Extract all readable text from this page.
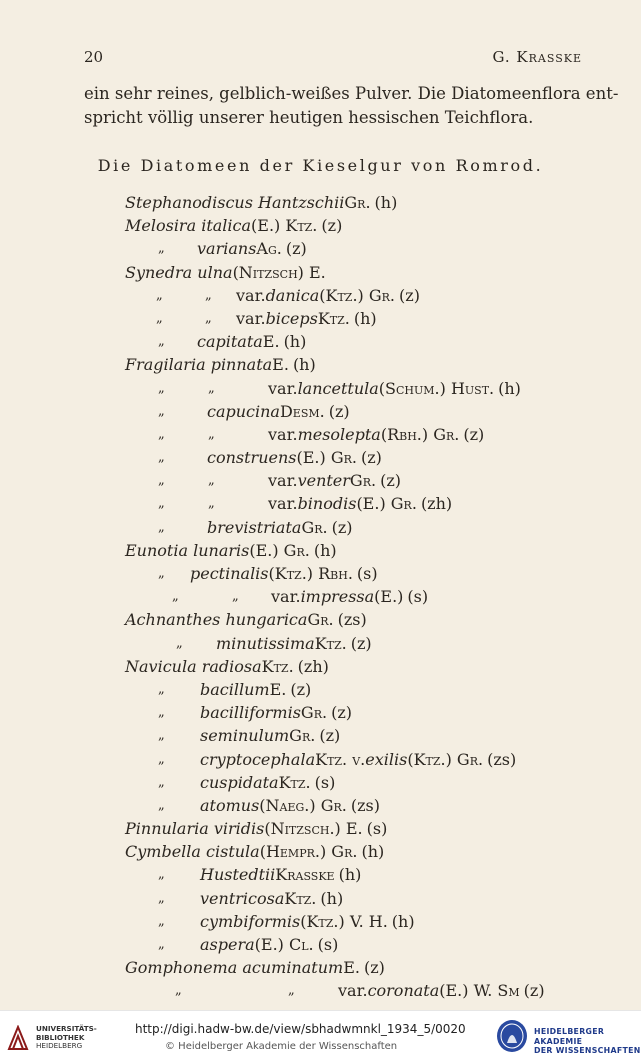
20	G. Krasske
ein sehr reines, gelblich-weißes Pulver. Die Diatomeenflora ent-
spricht völlig unserer heutigen hessischen Teichflora.
Die Diatomeen der Kieselgur von Romrod.
Stephanodiscus Hantzschii Gr. (h)
Melosira italica (E.) Ktz. (z)
„ varians Ag. (z)
Synedra ulna (Nitzsch) E.
„	„ var. danica (Ktz.) Gr. (z)
„	„ var. biceps Ktz. (h)
„ capitata E. (h)
Fragilaria pinnata E. (h)
„	„	var. lancettula (Schum.) Hust. (h)
„	capucina Desm. (z)
„	„	var. mesolepta (Rbh.) Gr. (z)
„	construens (E.) Gr. (z)
„	„	var. venter Gr. (z)
„	„	var. binodis (E.) Gr. (zh)
„	brevistriata Gr. (z)
Eunotia lunaris (E.) Gr. (h)
„ pectinalis (Ktz.) Rbh. (s)
„	„ var. impressa (E.) (s)
Achnanthes hungarica Gr. (zs)
„ minutissima Ktz. (z)
Navicula radiosa Ktz. (zh)
„ bacillum E. (z)
„ bacilliformis Gr. (z)
„ seminulum Gr. (z)
„ cryptocephala Ktz. v. exilis (Ktz.) Gr. (zs)
„ cuspidata Ktz. (s)
„ atomus (Naeg.) Gr. (zs)
Pinnularia viridis (Nitzsch.) E. (s)
Cymbella cistula (Hempr.) Gr. (h)
„ Hustedtii Krasske (h)
„ ventricosa Ktz. (h)
„ cymbiformis (Ktz.) V. H. (h)
„ aspera (E.) Cl. (s)
Gomphonema acuminatum E. (z)
„	„	var. coronata (E.) W. Sm (z)
UNIVERSITÄTS-
BIBLIOTHEK
HEIDELBERG
http://digi.hadw-bw.de/view/sbhadwmnkl_1934_5/0020
© Heidelberger Akademie der Wissenschaften
HEIDELBERGER AKADEMIE
DER WISSENSCHAFTEN
